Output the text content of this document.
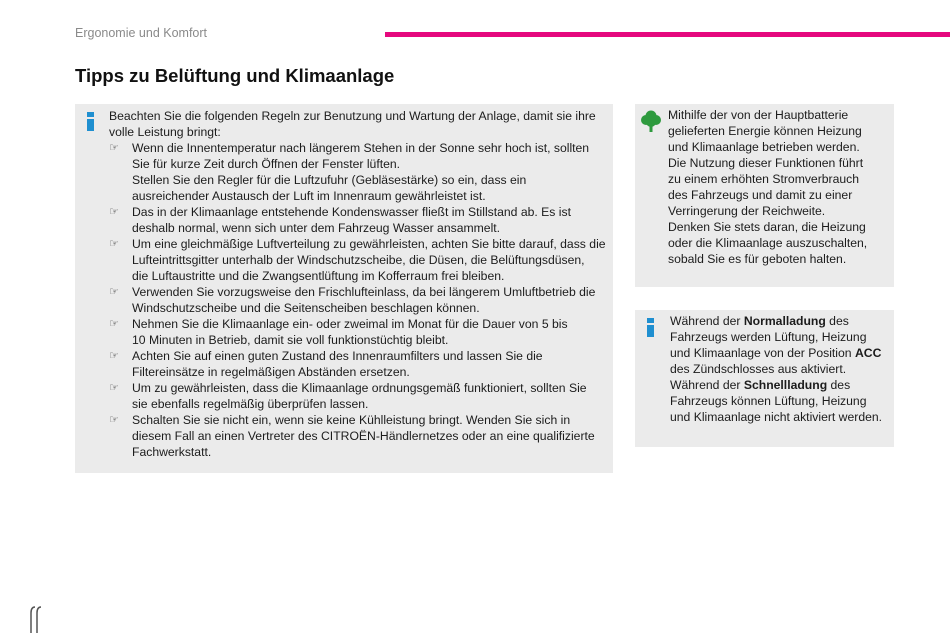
Ergonomie und Komfort
Tipps zu Belüftung und Klimaanlage

Beachten Sie die folgenden Regeln zur Benutzung und Wartung der Anlage, damit sie ihre
volle Leistung bringt:

☞	Wenn die Innentemperatur nach längerem Stehen in der Sonne sehr hoch ist, sollten
Sie für kurze Zeit durch Öffnen der Fenster lüften.
Stellen Sie den Regler für die Luftzufuhr (Gebläsestärke) so ein, dass ein
ausreichender Austausch der Luft im Innenraum gewährleistet ist.
☞	Das in der Klimaanlage entstehende Kondenswasser fließt im Stillstand ab. Es ist
deshalb normal, wenn sich unter dem Fahrzeug Wasser ansammelt.
☞	Um eine gleichmäßige Luftverteilung zu gewährleisten, achten Sie bitte darauf, dass die
Lufteintrittsgitter unterhalb der Windschutzscheibe, die Düsen, die Belüftungsdüsen,
die Luftaustritte und die Zwangsentlüftung im Kofferraum frei bleiben.
☞	Verwenden Sie vorzugsweise den Frischlufteinlass, da bei längerem Umluftbetrieb die
Windschutzscheibe und die Seitenscheiben beschlagen können.
☞	Nehmen Sie die Klimaanlage ein- oder zweimal im Monat für die Dauer von 5 bis
10 Minuten in Betrieb, damit sie voll funktionstüchtig bleibt.
☞	Achten Sie auf einen guten Zustand des Innenraumfilters und lassen Sie die
Filtereinsätze in regelmäßigen Abständen ersetzen.
☞	Um zu gewährleisten, dass die Klimaanlage ordnungsgemäß funktioniert, sollten Sie
sie ebenfalls regelmäßig überprüfen lassen.
☞	Schalten Sie sie nicht ein, wenn sie keine Kühlleistung bringt. Wenden Sie sich in
diesem Fall an einen Vertreter des CITROËN-Händlernetzes oder an eine qualifizierte
Fachwerkstatt.

Mithilfe der von der Hauptbatterie
gelieferten Energie können Heizung
und Klimaanlage betrieben werden.
Die Nutzung dieser Funktionen führt
zu einem erhöhten Stromverbrauch
des Fahrzeugs und damit zu einer
Verringerung der Reichweite.
Denken Sie stets daran, die Heizung
oder die Klimaanlage auszuschalten,
sobald Sie es für geboten halten.

Während der Normalladung des
Fahrzeugs werden Lüftung, Heizung
und Klimaanlage von der Position ACC
des Zündschlosses aus aktiviert.
Während der Schnellladung des
Fahrzeugs können Lüftung, Heizung
und Klimaanlage nicht aktiviert werden.
